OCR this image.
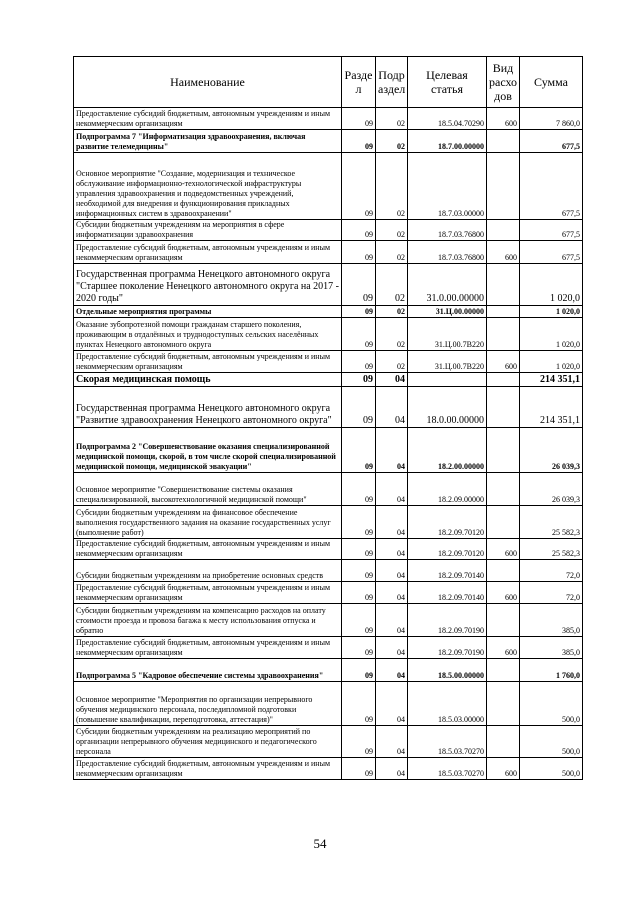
Наименование	Разде л	Подр аздел	Целевая статья	Вид расхо дов	Сумма
Предоставление субсидий бюджетным, автономным учреждениям и иным некоммерческим организациям	09	02	18.5.04.70290	600	7 860,0
Подпрограмма 7 "Информатизация здравоохранения, включая развитие телемедицины"	09	02	18.7.00.00000		677,5
Основное мероприятие "Создание, модернизация и техническое обслуживание информационно-технологической инфраструктуры управления здравоохранения и подведомственных учреждений, необходимой для внедрения и функционирования прикладных информационных систем в здравоохранении"	09	02	18.7.03.00000		677,5
Субсидии бюджетным учреждениям на мероприятия в сфере информатизации здравоохранения	09	02	18.7.03.76800		677,5
Предоставление субсидий бюджетным, автономным учреждениям и иным некоммерческим организациям	09	02	18.7.03.76800	600	677,5
Государственная программа Ненецкого автономного округа "Старшее поколение Ненецкого автономного округа на 2017 - 2020 годы"	09	02	31.0.00.00000		1 020,0
Отдельные мероприятия программы	09	02	31.Ц.00.00000		1 020,0
Оказание зубопротезной помощи гражданам старшего поколения, проживающим в отдалённых и труднодоступных сельских населённых пунктах Ненецкого автономного округа	09	02	31.Ц.00.7В220		1 020,0
Предоставление субсидий бюджетным, автономным учреждениям и иным некоммерческим организациям	09	02	31.Ц.00.7В220	600	1 020,0
Скорая медицинская помощь	09	04			214 351,1
Государственная программа Ненецкого автономного округа "Развитие здравоохранения Ненецкого автономного округа"	09	04	18.0.00.00000		214 351,1
Подпрограмма 2 "Совершенствование оказания специализированной медицинской помощи, скорой, в том числе скорой специализированной медицинской помощи, медицинской эвакуации"	09	04	18.2.00.00000		26 039,3
Основное мероприятие "Совершенствование системы оказания специализированной, высокотехнологичной медицинской помощи"	09	04	18.2.09.00000		26 039,3
Субсидии бюджетным учреждениям на финансовое обеспечение выполнения государственного задания на оказание государственных услуг (выполнение работ)	09	04	18.2.09.70120		25 582,3
Предоставление субсидий бюджетным, автономным учреждениям и иным некоммерческим организациям	09	04	18.2.09.70120	600	25 582,3
Субсидии бюджетным учреждениям на приобретение основных средств	09	04	18.2.09.70140		72,0
Предоставление субсидий бюджетным, автономным учреждениям и иным некоммерческим организациям	09	04	18.2.09.70140	600	72,0
Субсидии бюджетным учреждениям на компенсацию расходов на оплату стоимости проезда и провоза багажа к месту использования отпуска и обратно	09	04	18.2.09.70190		385,0
Предоставление субсидий бюджетным, автономным учреждениям и иным некоммерческим организациям	09	04	18.2.09.70190	600	385,0
Подпрограмма 5 "Кадровое обеспечение системы здравоохранения"	09	04	18.5.00.00000		1 760,0
Основное мероприятие "Мероприятия по организации непрерывного обучения медицинского персонала, последипломной подготовки (повышение квалификации, переподготовка, аттестация)"	09	04	18.5.03.00000		500,0
Субсидии бюджетным учреждениям на реализацию мероприятий по организации непрерывного обучения медицинского и педагогического персонала	09	04	18.5.03.70270		500,0
Предоставление субсидий бюджетным, автономным учреждениям и иным некоммерческим организациям	09	04	18.5.03.70270	600	500,0
54
